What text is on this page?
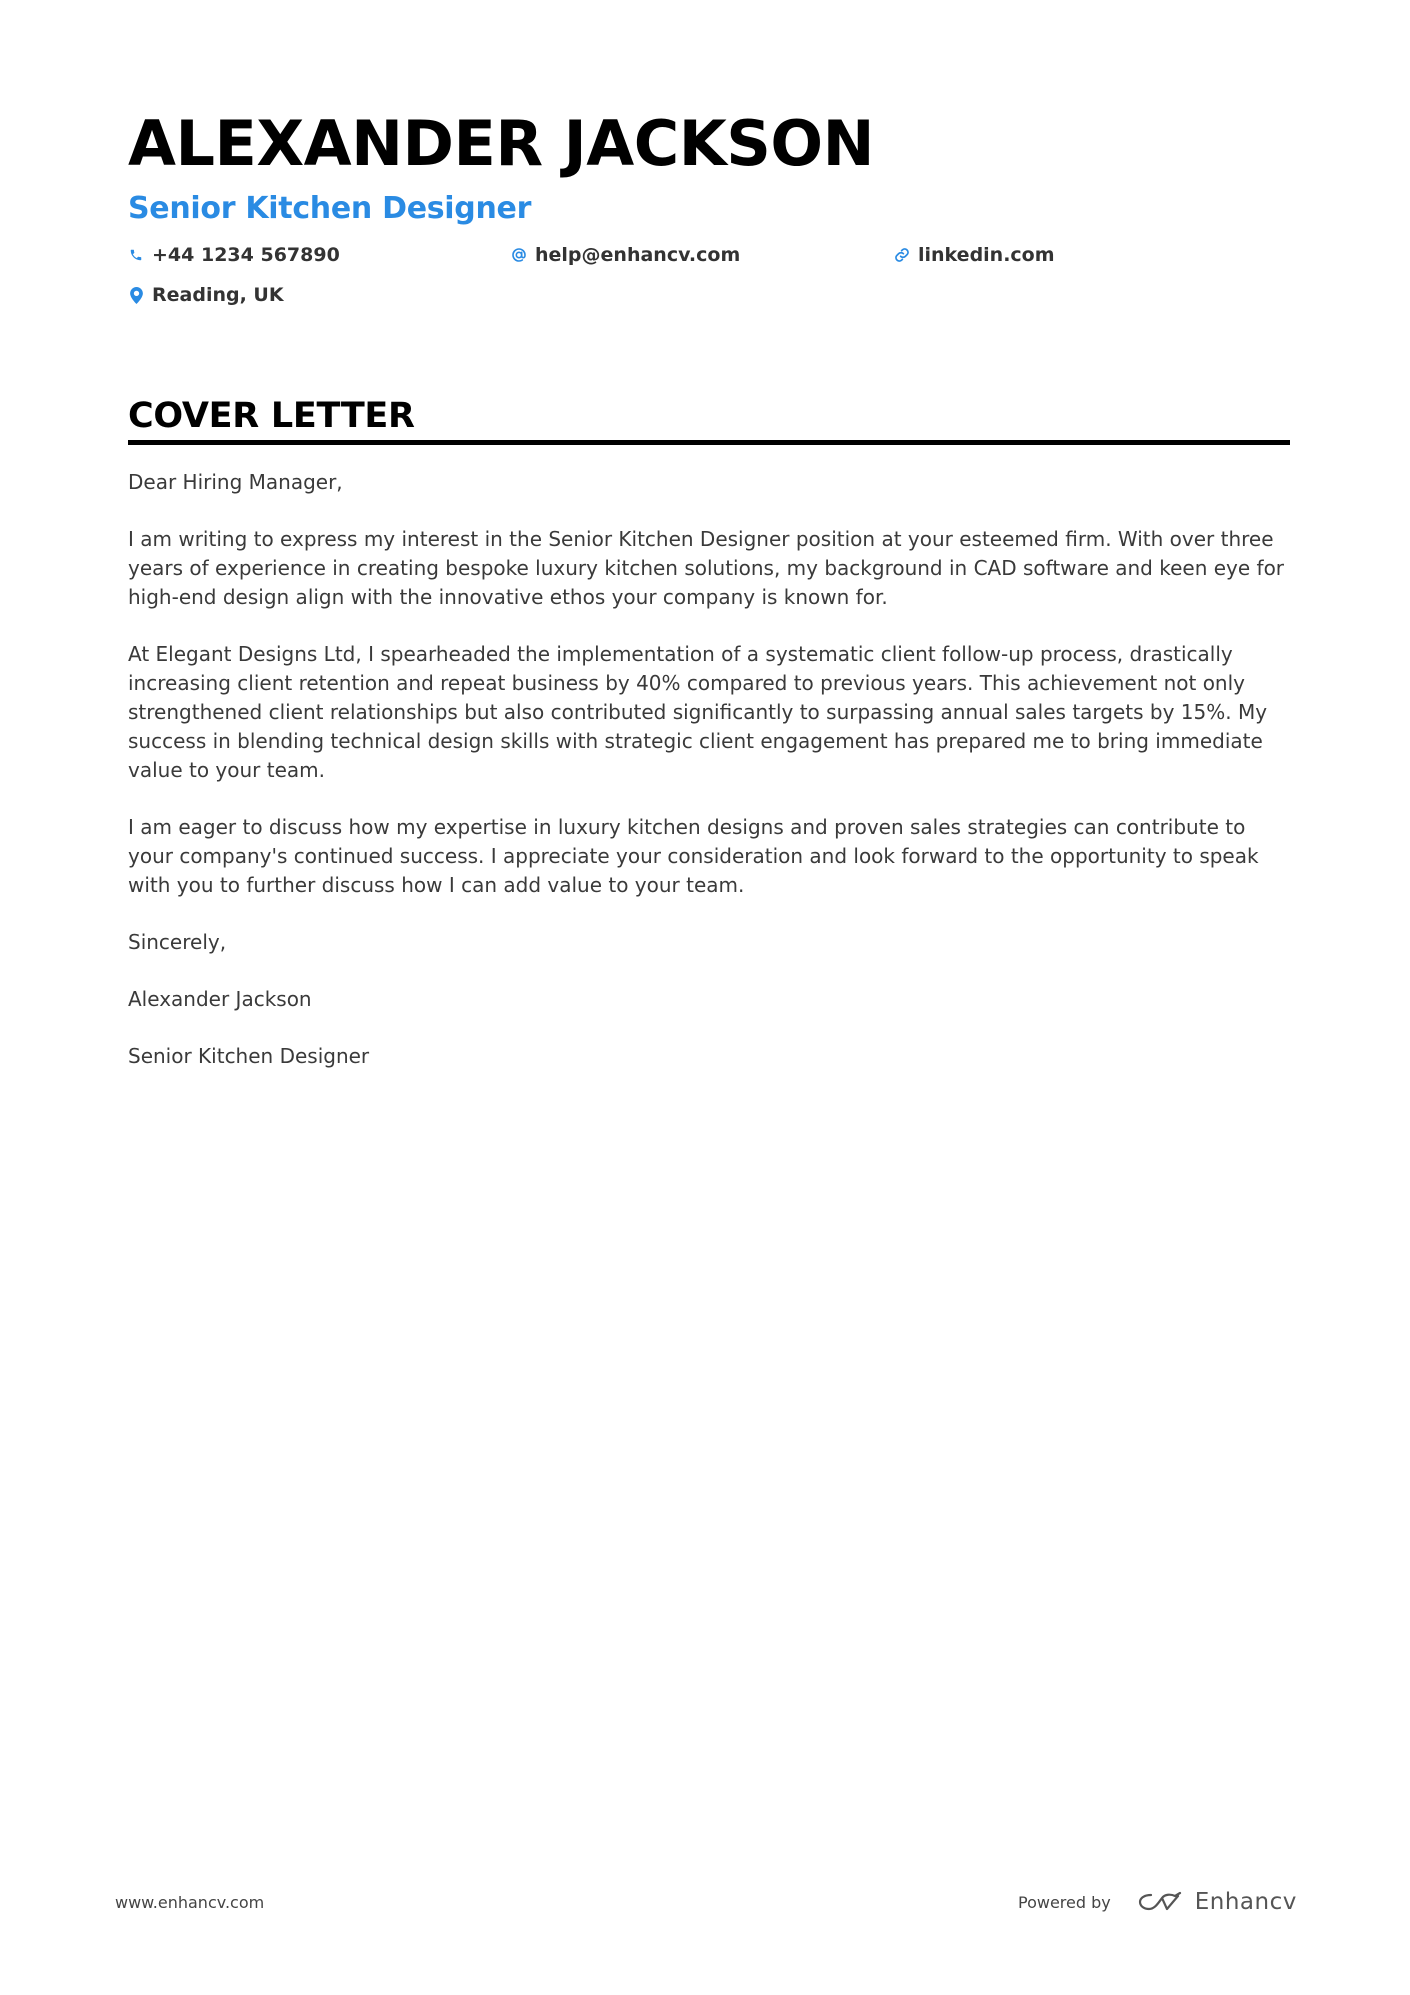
ALEXANDER JACKSON
Senior Kitchen Designer
+44 1234 567890	help@enhancv.com	linkedin.com
Reading, UK
COVER LETTER

Dear Hiring Manager,

I am writing to express my interest in the Senior Kitchen Designer position at your esteemed firm. With over three years of experience in creating bespoke luxury kitchen solutions, my background in CAD software and keen eye for high-end design align with the innovative ethos your company is known for.

At Elegant Designs Ltd, I spearheaded the implementation of a systematic client follow-up process, drastically increasing client retention and repeat business by 40% compared to previous years. This achievement not only strengthened client relationships but also contributed significantly to surpassing annual sales targets by 15%. My success in blending technical design skills with strategic client engagement has prepared me to bring immediate value to your team.

I am eager to discuss how my expertise in luxury kitchen designs and proven sales strategies can contribute to your company's continued success. I appreciate your consideration and look forward to the opportunity to speak with you to further discuss how I can add value to your team.

Sincerely,

Alexander Jackson

Senior Kitchen Designer

www.enhancv.com	Powered by	Enhancv
